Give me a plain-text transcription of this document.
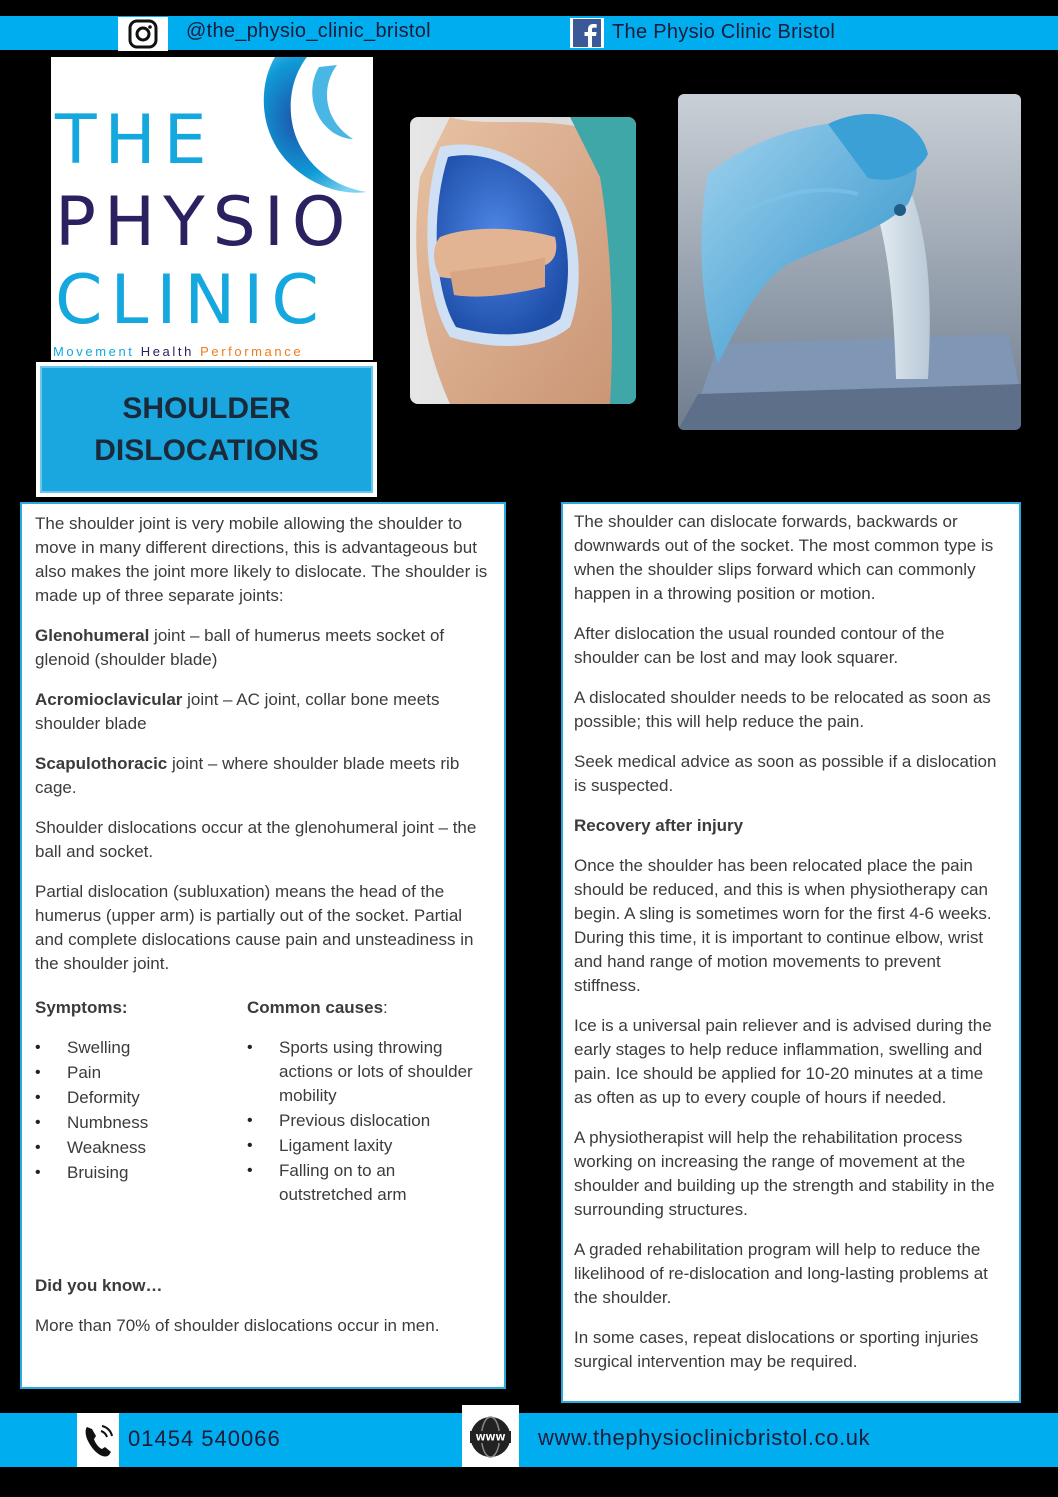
@the_physio_clinic_bristol	The Physio Clinic Bristol
THE
PHYSIO
CLINIC
Movement Health Performance
SHOULDER DISLOCATIONS

The shoulder joint is very mobile allowing the shoulder to move in many different directions, this is advantageous but also makes the joint more likely to dislocate. The shoulder is made up of three separate joints:

Glenohumeral joint – ball of humerus meets socket of glenoid (shoulder blade)

Acromioclavicular joint – AC joint, collar bone meets shoulder blade

Scapulothoracic joint – where shoulder blade meets rib cage.

Shoulder dislocations occur at the glenohumeral joint – the ball and socket.

Partial dislocation (subluxation) means the head of the humerus (upper arm) is partially out of the socket. Partial and complete dislocations cause pain and unsteadiness in the shoulder joint.

Symptoms:
• Swelling
• Pain
• Deformity
• Numbness
• Weakness
• Bruising
Common causes:
• Sports using throwing actions or lots of shoulder mobility
• Previous dislocation
• Ligament laxity
• Falling on to an outstretched arm

Did you know…

More than 70% of shoulder dislocations occur in men.

The shoulder can dislocate forwards, backwards or downwards out of the socket. The most common type is when the shoulder slips forward which can commonly happen in a throwing position or motion.

After dislocation the usual rounded contour of the shoulder can be lost and may look squarer.

A dislocated shoulder needs to be relocated as soon as possible; this will help reduce the pain.

Seek medical advice as soon as possible if a dislocation is suspected.

Recovery after injury

Once the shoulder has been relocated place the pain should be reduced, and this is when physiotherapy can begin. A sling is sometimes worn for the first 4-6 weeks. During this time, it is important to continue elbow, wrist and hand range of motion movements to prevent stiffness.

Ice is a universal pain reliever and is advised during the early stages to help reduce inflammation, swelling and pain. Ice should be applied for 10-20 minutes at a time as often as up to every couple of hours if needed.

A physiotherapist will help the rehabilitation process working on increasing the range of movement at the shoulder and building up the strength and stability in the surrounding structures.

A graded rehabilitation program will help to reduce the likelihood of re-dislocation and long-lasting problems at the shoulder.

In some cases, repeat dislocations or sporting injuries surgical intervention may be required.

01454 540066	WWW www.thephysioclinicbristol.co.uk
